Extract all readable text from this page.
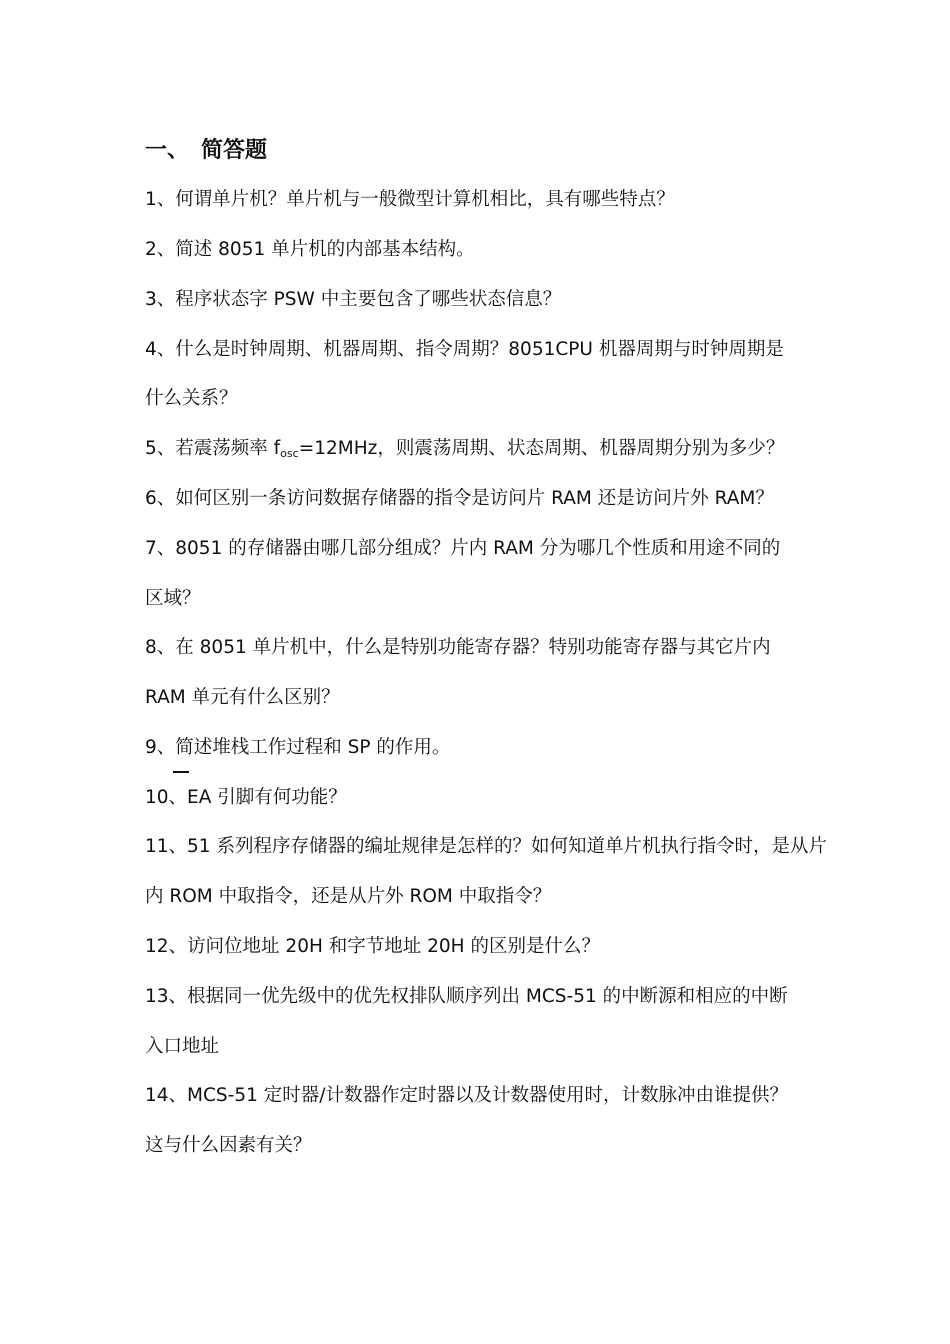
一、 简答题
1、何谓单片机？单片机与一般微型计算机相比，具有哪些特点？
2、简述 8051 单片机的内部基本结构。
3、程序状态字 PSW 中主要包含了哪些状态信息？
4、什么是时钟周期、机器周期、指令周期？8051CPU 机器周期与时钟周期是
什么关系？
5、若震荡频率 $f_{osc}=12MHz$，则震荡周期、状态周期、机器周期分别为多少？
6、如何区别一条访问数据存储器的指令是访问片 RAM 还是访问片外 RAM？
7、8051 的存储器由哪几部分组成？片内 RAM 分为哪几个性质和用途不同的
区域？
8、在 8051 单片机中，什么是特别功能寄存器？特别功能寄存器与其它片内
RAM 单元有什么区别？
9、简述堆栈工作过程和 SP 的作用。
10、EA 引脚有何功能？
11、51 系列程序存储器的编址规律是怎样的？如何知道单片机执行指令时，是从片
内 ROM 中取指令，还是从片外 ROM 中取指令？
12、访问位地址 20H 和字节地址 20H 的区别是什么？
13、根据同一优先级中的优先权排队顺序列出 MCS-51 的中断源和相应的中断
入口地址
14、MCS-51 定时器/计数器作定时器以及计数器使用时，计数脉冲由谁提供？
这与什么因素有关？
